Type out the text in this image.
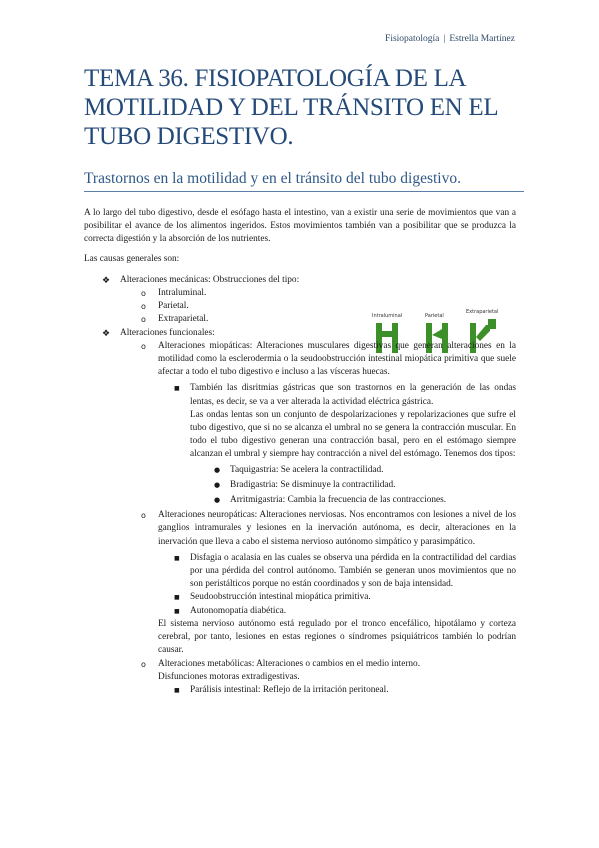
Fisiopatología | Estrella Martínez
TEMA 36. FISIOPATOLOGÍA DE LA MOTILIDAD Y DEL TRÁNSITO EN EL TUBO DIGESTIVO.
Trastornos en la motilidad y en el tránsito del tubo digestivo.
Intraluminal	Parietal
Extraparietal

A lo largo del tubo digestivo, desde el esófago hasta el intestino, van a existir una serie de movimientos que van a posibilitar el avance de los alimentos ingeridos. Estos movimientos también van a posibilitar que se produzca la correcta digestión y la absorción de los nutrientes.

Las causas generales son:

❖ Alteraciones mecánicas: Obstrucciones del tipo:
o Intraluminal.
o Parietal.
o Extraparietal.
❖ Alteraciones funcionales:
o Alteraciones miopáticas: Alteraciones musculares digestivas que generan alteraciones en la motilidad como la esclerodermia o la seudoobstrucción intestinal miopática primitiva que suele afectar a todo el tubo digestivo e incluso a las vísceras huecas.
■ También las disritmias gástricas que son trastornos en la generación de las ondas lentas, es decir, se va a ver alterada la actividad eléctrica gástrica.
Las ondas lentas son un conjunto de despolarizaciones y repolarizaciones que sufre el tubo digestivo, que si no se alcanza el umbral no se genera la contracción muscular. En todo el tubo digestivo generan una contracción basal, pero en el estómago siempre alcanzan el umbral y siempre hay contracción a nivel del estómago. Tenemos dos tipos:
● Taquigastria: Se acelera la contractilidad.
● Bradigastria: Se disminuye la contractilidad.
● Arritmigastria: Cambia la frecuencia de las contracciones.
o Alteraciones neuropáticas: Alteraciones nerviosas. Nos encontramos con lesiones a nivel de los ganglios intramurales y lesiones en la inervación autónoma, es decir, alteraciones en la inervación que lleva a cabo el sistema nervioso autónomo simpático y parasimpático.
■ Disfagia o acalasia en las cuales se observa una pérdida en la contractilidad del cardias por una pérdida del control autónomo. También se generan unos movimientos que no son peristálticos porque no están coordinados y son de baja intensidad.
■ Seudoobstrucción intestinal miopática primitiva.
■ Autonomopatía diabética.
El sistema nervioso autónomo está regulado por el tronco encefálico, hipotálamo y corteza cerebral, por tanto, lesiones en estas regiones o síndromes psiquiátricos también lo podrían causar.
o Alteraciones metabólicas: Alteraciones o cambios en el medio interno.
Disfunciones motoras extradigestivas.
■ Parálisis intestinal: Reflejo de la irritación peritoneal.
